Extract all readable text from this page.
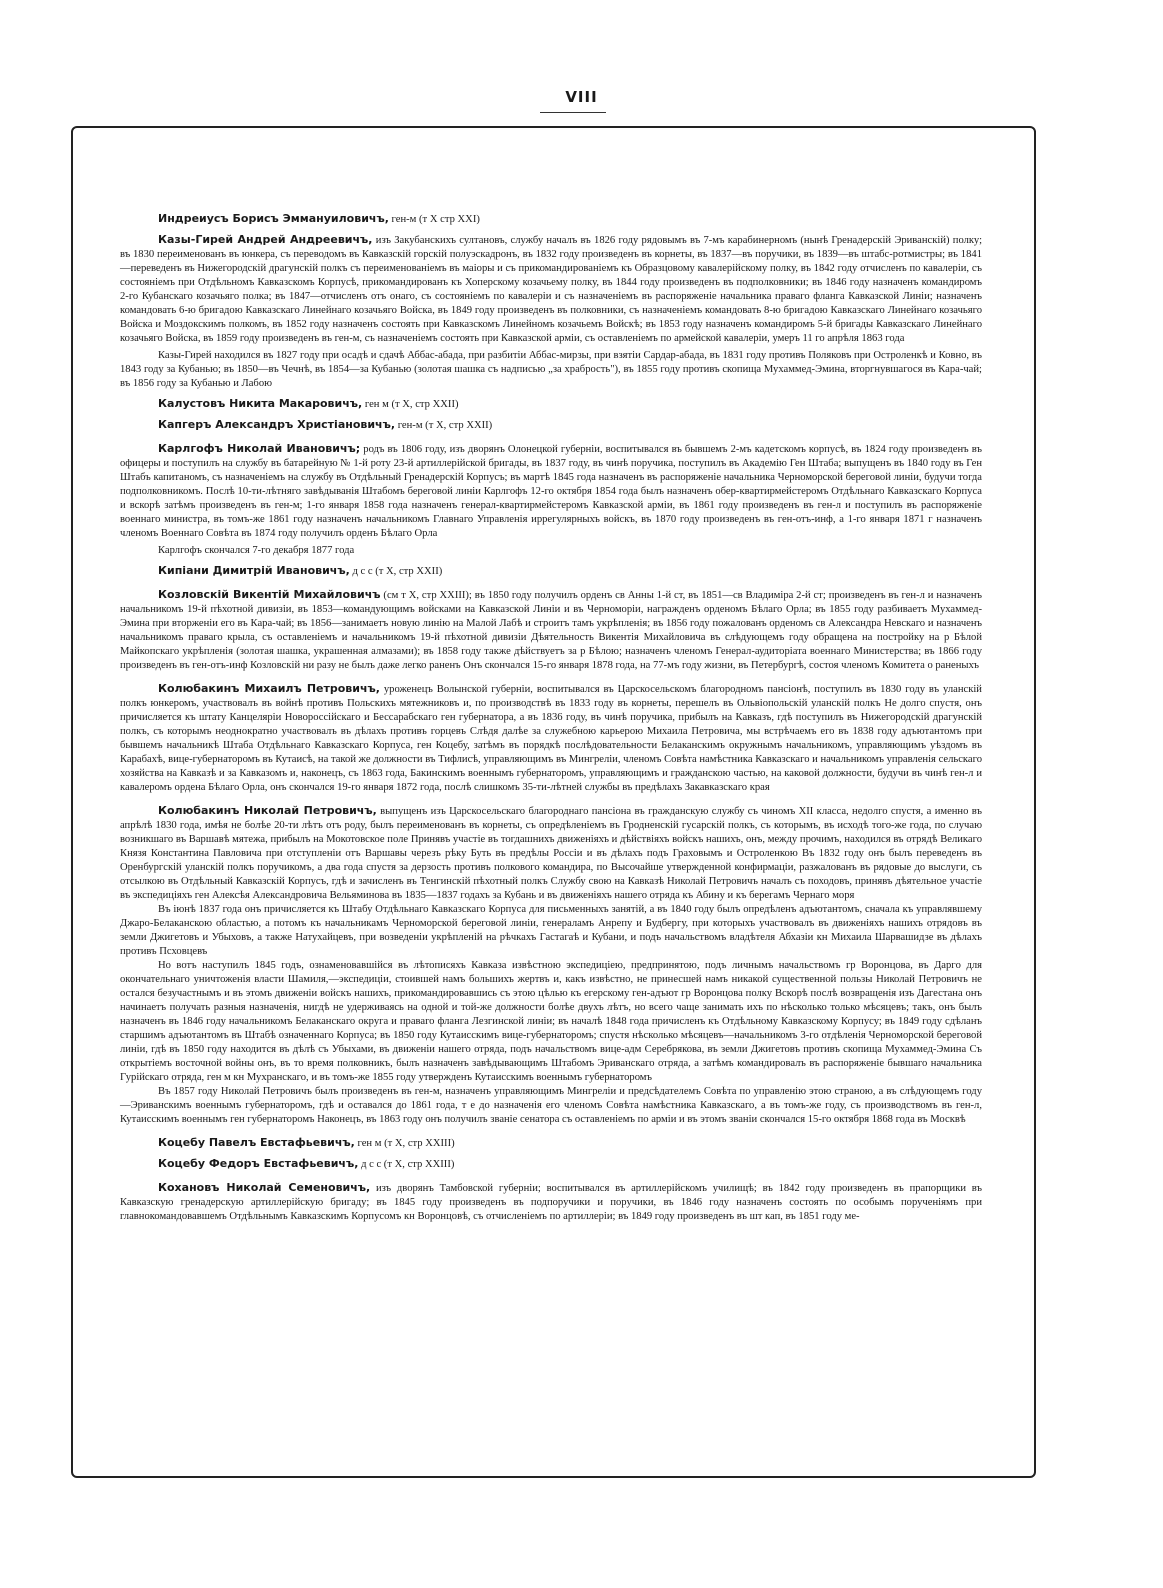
VIII

Индреиусъ Борисъ Эммануиловичъ, ген-м (т X стр XXI)

Казы-Гирей Андрей Андреевичъ, изъ Закубанскихъ султановъ, службу началъ въ 1826 году рядовымъ въ 7-мъ карабинерномъ (нынѣ Гренадерскій Эриванскій) полку; въ 1830 переименованъ въ юнкера, съ переводомъ въ Кавказскій горскій полуэскадронъ, въ 1832 году произведенъ въ корнеты, въ 1837—въ поручики, въ 1839—въ штабс-ротмистры; въ 1841—переведенъ въ Нижегородскій драгунскій полкъ съ переименованіемъ въ маіоры и съ прикомандированіемъ къ Образцовому кавалерійскому полку, въ 1842 году отчисленъ по кавалеріи, съ состояніемъ при Отдѣльномъ Кавказскомъ Корпусѣ, прикомандированъ къ Хоперскому козачьему полку, въ 1844 году произведенъ въ подполковники; въ 1846 году назначенъ командиромъ 2-го Кубанскаго козачьяго полка; въ 1847—отчисленъ отъ онаго, съ состояніемъ по кавалеріи и съ назначеніемъ въ распоряженіе начальника праваго фланга Кавказской Линіи; назначенъ командовать 6-ю бригадою Кавказскаго Линейнаго козачьяго Войска, въ 1849 году произведенъ въ полковники, съ назначеніемъ командовать 8-ю бригадою Кавказскаго Линейнаго козачьяго Войска и Моздокскимъ полкомъ, въ 1852 году назначенъ состоять при Кавказскомъ Линейномъ козачьемъ Войскѣ; въ 1853 году назначенъ командиромъ 5-й бригады Кавказскаго Линейнаго козачьяго Войска, въ 1859 году произведенъ въ ген-м, съ назначеніемъ состоять при Кавказской арміи, съ оставленіемъ по армейской кавалеріи, умеръ 11 го апрѣля 1863 года

Казы-Гирей находился въ 1827 году при осадѣ и сдачѣ Аббас-абада, при разбитіи Аббас-мирзы, при взятіи Сардар-абада, въ 1831 году противъ Поляковъ при Остроленкѣ и Ковно, въ 1843 году за Кубанью; въ 1850—въ Чечнѣ, въ 1854—за Кубанью (золотая шашка съ надписью „за храбрость"), въ 1855 году противъ скопища Мухаммед-Эмина, вторгнувшагося въ Кара-чай; въ 1856 году за Кубанью и Лабою

Калустовъ Никита Макаровичъ, ген м (т X, стр XXII)

Капгеръ Александръ Христіановичъ, ген-м (т X, стр XXII)

Карлгофъ Николай Ивановичъ; родъ въ 1806 году, изъ дворянъ Олонецкой губерніи, воспитывался въ бывшемъ 2-мъ кадетскомъ корпусѣ, въ 1824 году произведенъ въ офицеры и поступилъ на службу въ батарейную № 1-й роту 23-й артиллерійской бригады, въ 1837 году, въ чинѣ поручика, поступилъ въ Академію Ген Штаба; выпущенъ въ 1840 году въ Ген Штабъ капитаномъ, съ назначеніемъ на службу въ Отдѣльный Гренадерскій Корпусъ; въ мартѣ 1845 года назначенъ въ распоряженіе начальника Черноморской береговой линіи, будучи тогда подполковникомъ. Послѣ 10-ти-лѣтняго завѣдыванія Штабомъ береговой линіи Карлгофъ 12-го октября 1854 года былъ назначенъ обер-квартирмейстеромъ Отдѣльнаго Кавказскаго Корпуса и вскорѣ затѣмъ произведенъ въ ген-м; 1-го января 1858 года назначенъ генерал-квартирмейстеромъ Кавказской арміи, въ 1861 году произведенъ въ ген-л и поступилъ въ распоряженіе военнаго министра, въ томъ-же 1861 году назначенъ начальникомъ Главнаго Управленія иррегулярныхъ войскъ, въ 1870 году произведенъ въ ген-отъ-инф, а 1-го января 1871 г назначенъ членомъ Военнаго Совѣта въ 1874 году получилъ орденъ Бѣлаго Орла

Карлгофъ скончался 7-го декабря 1877 года

Кипіани Димитрій Ивановичъ, д с с (т X, стр XXII)

Козловскій Викентій Михайловичъ (см т X, стр XXIII); въ 1850 году получилъ орденъ св Анны 1-й ст, въ 1851—св Владиміра 2-й ст; произведенъ въ ген-л и назначенъ начальникомъ 19-й пѣхотной дивизіи, въ 1853—командующимъ войсками на Кавказской Линіи и въ Черноморіи, награжденъ орденомъ Бѣлаго Орла; въ 1855 году разбиваетъ Мухаммед-Эмина при вторженіи его въ Кара-чай; въ 1856—занимаетъ новую линію на Малой Лабѣ и строитъ тамъ укрѣпленія; въ 1856 году пожалованъ орденомъ св Александра Невскаго и назначенъ начальникомъ праваго крыла, съ оставленіемъ и начальникомъ 19-й пѣхотной дивизіи Дѣятельность Викентія Михайловича въ слѣдующемъ году обращена на постройку на р Бѣлой Майкопскаго укрѣпленія (золотая шашка, украшенная алмазами); въ 1858 году также дѣйствуетъ за р Бѣлою; назначенъ членомъ Генерал-аудиторіата военнаго Министерства; въ 1866 году произведенъ въ ген-отъ-инф Козловскій ни разу не былъ даже легко раненъ Онъ скончался 15-го января 1878 года, на 77-мъ году жизни, въ Петербургѣ, состоя членомъ Комитета о раненыхъ

Колюбакинъ Михаилъ Петровичъ, уроженецъ Волынской губерніи, воспитывался въ Царскосельскомъ благородномъ пансіонѣ, поступилъ въ 1830 году въ уланскій полкъ юнкеромъ, участвовалъ въ войнѣ противъ Польскихъ мятежниковъ и, по производствѣ въ 1833 году въ корнеты, перешелъ въ Ольвіопольскій уланскій полкъ Не долго спустя, онъ причисляется къ штату Канцеляріи Новороссійскаго и Бессарабскаго ген губернатора, а въ 1836 году, въ чинѣ поручика, прибылъ на Кавказъ, гдѣ поступилъ въ Нижегородскій драгунскій полкъ, съ которымъ неоднократно участвовалъ въ дѣлахъ противъ горцевъ Слѣдя далѣе за служебною карьерою Михаила Петровича, мы встрѣчаемъ его въ 1838 году адъютантомъ при бывшемъ начальникѣ Штаба Отдѣльнаго Кавказскаго Корпуса, ген Коцебу, затѣмъ въ порядкѣ послѣдовательности Белаканскимъ окружнымъ начальникомъ, управляющимъ уѣздомъ въ Карабахѣ, вице-губернаторомъ въ Кутаисѣ, на такой же должности въ Тифлисѣ, управляющимъ въ Мингреліи, членомъ Совѣта намѣстника Кавказскаго и начальникомъ управленія сельскаго хозяйства на Кавказѣ и за Кавказомъ и, наконецъ, съ 1863 года, Бакинскимъ военнымъ губернаторомъ, управляющимъ и гражданскою частью, на каковой должности, будучи въ чинѣ ген-л и кавалеромъ ордена Бѣлаго Орла, онъ скончался 19-го января 1872 года, послѣ слишкомъ 35-ти-лѣтней службы въ предѣлахъ Закавказскаго края

Колюбакинъ Николай Петровичъ, выпущенъ изъ Царскосельскаго благороднаго пансіона въ гражданскую службу съ чиномъ XII класса, недолго спустя, а именно въ апрѣлѣ 1830 года, имѣя не болѣе 20-ти лѣтъ отъ роду, былъ переименованъ въ корнеты, съ опредѣленіемъ въ Гродненскій гусарскій полкъ, съ которымъ, въ исходѣ того-же года, по случаю возникшаго въ Варшавѣ мятежа, прибылъ на Мокотовское поле Принявъ участіе въ тогдашнихъ движеніяхъ и дѣйствіяхъ войскъ нашихъ, онъ, между прочимъ, находился въ отрядѣ Великаго Князя Константина Павловича при отступленіи отъ Варшавы черезъ рѣку Буть въ предѣлы Россіи и въ дѣлахъ подъ Граховымъ и Остроленкою Въ 1832 году онъ былъ переведенъ въ Оренбургскій уланскій полкъ поручикомъ, а два года спустя за дерзость противъ полкового командира, по Высочайше утвержденной конфирмаціи, разжалованъ въ рядовые до выслуги, съ отсылкою въ Отдѣльный Кавказскій Корпусъ, гдѣ и зачисленъ въ Тенгинскій пѣхотный полкъ Службу свою на Кавказѣ Николай Петровичъ началъ съ походовъ, принявъ дѣятельное участіе въ экспедиціяхъ ген Алексѣя Александровича Вельяминова въ 1835—1837 годахъ за Кубань и въ движеніяхъ нашего отряда къ Абину и къ берегамъ Чернаго моря

Въ іюнѣ 1837 года онъ причисляется къ Штабу Отдѣльнаго Кавказскаго Корпуса для письменныхъ занятій, а въ 1840 году былъ опредѣленъ адъютантомъ, сначала къ управлявшему Джаро-Белаканскою областью, а потомъ къ начальникамъ Черноморской береговой линіи, генераламъ Анрепу и Будбергу, при которыхъ участвовалъ въ движеніяхъ нашихъ отрядовъ въ земли Джигетовъ и Убыховъ, а также Натухайцевъ, при возведеніи укрѣпленій на рѣчкахъ Гастагаѣ и Кубани, и подъ начальствомъ владѣтеля Абхазіи кн Михаила Шарвашидзе въ дѣлахъ противъ Псховцевъ

Но вотъ наступилъ 1845 годъ, ознаменовавшійся въ лѣтописяхъ Кавказа извѣстною экспедиціею, предпринятою, подъ личнымъ начальствомъ гр Воронцова, въ Даргo для окончательнаго уничтоженія власти Шамиля,—экспедиціи, стоившей намъ большихъ жертвъ и, какъ извѣстно, не принесшей намъ никакой существенной пользы Николай Петровичъ не остался безучастнымъ и въ этомъ движеніи войскъ нашихъ, прикомандировавшись съ этою цѣлью къ егерскому ген-адъют гр Воронцова полку Вскорѣ послѣ возвращенія изъ Дагестана онъ начинаетъ получать разныя назначенія, нигдѣ не удерживаясь на одной и той-же должности болѣе двухъ лѣтъ, но всего чаще занимать ихъ по нѣсколько только мѣсяцевъ; такъ, онъ былъ назначенъ въ 1846 году начальникомъ Белаканскаго округа и праваго фланга Лезгинской линіи; въ началѣ 1848 года причисленъ къ Отдѣльному Кавказскому Корпусу; въ 1849 году сдѣланъ старшимъ адъютантомъ въ Штабѣ означеннаго Корпуса; въ 1850 году Кутаисскимъ вице-губернаторомъ; спустя нѣсколько мѣсяцевъ—начальникомъ 3-го отдѣленія Черноморской береговой линіи, гдѣ въ 1850 году находится въ дѣлѣ съ Убыхами, въ движеніи нашего отряда, подъ начальствомъ вице-адм Серебрякова, въ земли Джигетовъ противъ скопища Мухаммед-Эмина Съ открытіемъ восточной войны онъ, въ то время полковникъ, былъ назначенъ завѣдывающимъ Штабомъ Эриванскаго отряда, а затѣмъ командировалъ въ распоряженіе бывшаго начальника Гурійскаго отряда, ген м кн Мухранскаго, и въ томъ-же 1855 году утвержденъ Кутаисскимъ военнымъ губернаторомъ

Въ 1857 году Николай Петровичъ былъ произведенъ въ ген-м, назначенъ управляющимъ Мингреліи и предсѣдателемъ Совѣта по управленію этою страною, а въ слѣдующемъ году—Эриванскимъ военнымъ губернаторомъ, гдѣ и оставался до 1861 года, т е до назначенія его членомъ Совѣта намѣстника Кавказскаго, а въ томъ-же году, съ производствомъ въ ген-л, Кутаисскимъ военнымъ ген губернаторомъ Наконецъ, въ 1863 году онъ получилъ званіе сенатора съ оставленіемъ по арміи и въ этомъ званіи скончался 15-го октября 1868 года въ Москвѣ

Коцебу Павелъ Евстафьевичъ, ген м (т X, стр XXIII)

Коцебу Федоръ Евстафьевичъ, д с с (т X, стр XXIII)

Кохановъ Николай Семеновичъ, изъ дворянъ Тамбовской губерніи; воспитывался въ артиллерійскомъ училищѣ; въ 1842 году произведенъ въ прапорщики въ Кавказскую гренадерскую артиллерійскую бригаду; въ 1845 году произведенъ въ подпоручики и поручики, въ 1846 году назначенъ состоять по особымъ порученіямъ при главнокомандовавшемъ Отдѣльнымъ Кавказскимъ Корпусомъ кн Воронцовѣ, съ отчисленіемъ по артиллеріи; въ 1849 году произведенъ въ шт кап, въ 1851 году ме-
